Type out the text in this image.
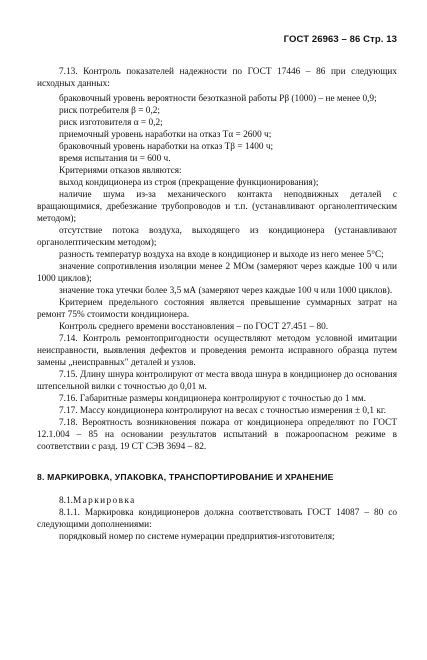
ГОСТ 26963 – 86 Стр. 13

7.13. Контроль показателей надежности по ГОСТ 17446 – 86 при следующих исходных данных:

браковочный уровень вероятности безотказной работы Pβ (1000) – не менее 0,9;

риск потребителя β = 0,2;

риск изготовителя α = 0,2;

приемочный уровень наработки на отказ Tα = 2600 ч;

браковочный уровень наработки на отказ Tβ = 1400 ч;

время испытания tи = 600 ч.

Критериями отказов являются:

выход кондиционера из строя (прекращение функционирования);

наличие шума из-за механического контакта неподвижных деталей с вращающимися, дребезжание трубопроводов и т.п. (устанавливают органолептическим методом);

отсутствие потока воздуха, выходящего из кондиционера (устанавливают органолептическим методом);

разность температур воздуха на входе в кондиционер и выходе из него менее 5°С;

значение сопротивления изоляции менее 2 МОм (замеряют через каждые 100 ч или 1000 циклов);

значение тока утечки более 3,5 мА (замеряют через каждые 100 ч или 1000 циклов).

Критерием предельного состояния является превышение суммарных затрат на ремонт 75% стоимости кондиционера.

Контроль среднего времени восстановления – по ГОСТ 27.451 – 80.

7.14. Контроль ремонтопригодности осуществляют методом условной имитации неисправности, выявления дефектов и проведения ремонта исправного образца путем замены „неисправных" деталей и узлов.

7.15. Длину шнура контролируют от места ввода шнура в кондиционер до основания штепсельной вилки с точностью до 0,01 м.

7.16. Габаритные размеры кондиционера контролируют с точностью до 1 мм.

7.17. Массу кондиционера контролируют на весах с точностью измерения ± 0,1 кг.

7.18. Вероятность возникновения пожара от кондиционера определяют по ГОСТ 12.1.004 – 85 на основании результатов испытаний в пожароопасном режиме в соответствии с разд. 19 СТ СЭВ 3694 – 82.

8. МАРКИРОВКА, УПАКОВКА, ТРАНСПОРТИРОВАНИЕ И ХРАНЕНИЕ

8.1.Маркировка

8.1.1. Маркировка кондиционеров должна соответствовать ГОСТ 14087 – 80 со следующими дополнениями:

порядковый номер по системе нумерации предприятия-изготовителя;
